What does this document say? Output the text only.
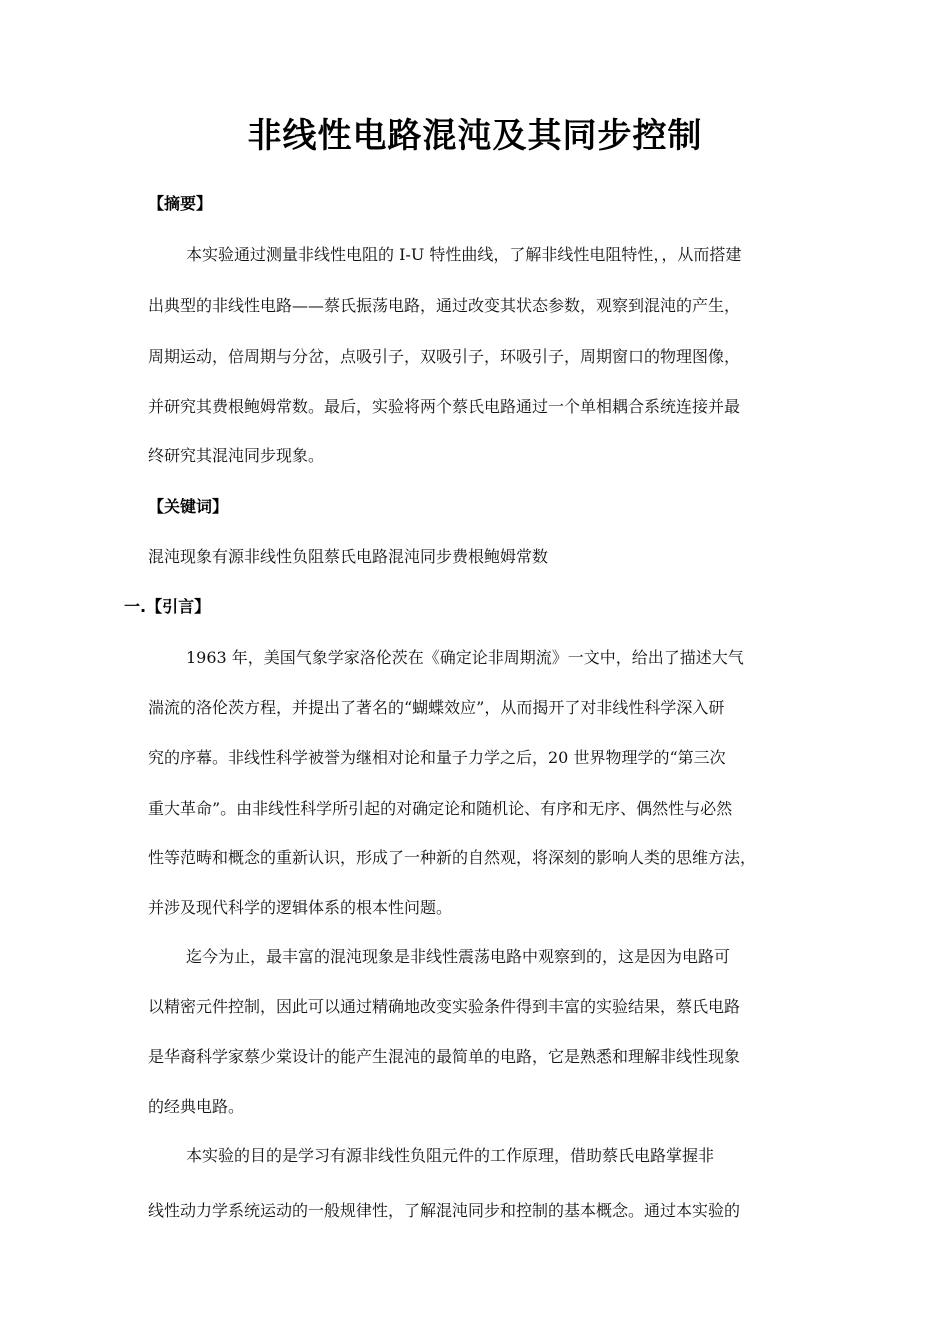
非线性电路混沌及其同步控制
【摘要】
本实验通过测量非线性电阻的 I-U 特性曲线，了解非线性电阻特性，，从而搭建
出典型的非线性电路——蔡氏振荡电路，通过改变其状态参数，观察到混沌的产生，
周期运动，倍周期与分岔，点吸引子，双吸引子，环吸引子，周期窗口的物理图像，
并研究其费根鲍姆常数。最后，实验将两个蔡氏电路通过一个单相耦合系统连接并最
终研究其混沌同步现象。
【关键词】
混沌现象有源非线性负阻蔡氏电路混沌同步费根鲍姆常数
一.【引言】
1963 年，美国气象学家洛伦茨在《确定论非周期流》一文中，给出了描述大气
湍流的洛伦茨方程，并提出了著名的“蝴蝶效应”，从而揭开了对非线性科学深入研
究的序幕。非线性科学被誉为继相对论和量子力学之后，20 世界物理学的“第三次
重大革命”。由非线性科学所引起的对确定论和随机论、有序和无序、偶然性与必然
性等范畴和概念的重新认识，形成了一种新的自然观，将深刻的影响人类的思维方法，
并涉及现代科学的逻辑体系的根本性问题。
迄今为止，最丰富的混沌现象是非线性震荡电路中观察到的，这是因为电路可
以精密元件控制，因此可以通过精确地改变实验条件得到丰富的实验结果，蔡氏电路
是华裔科学家蔡少棠设计的能产生混沌的最简单的电路，它是熟悉和理解非线性现象
的经典电路。
本实验的目的是学习有源非线性负阻元件的工作原理，借助蔡氏电路掌握非
线性动力学系统运动的一般规律性，了解混沌同步和控制的基本概念。通过本实验的
